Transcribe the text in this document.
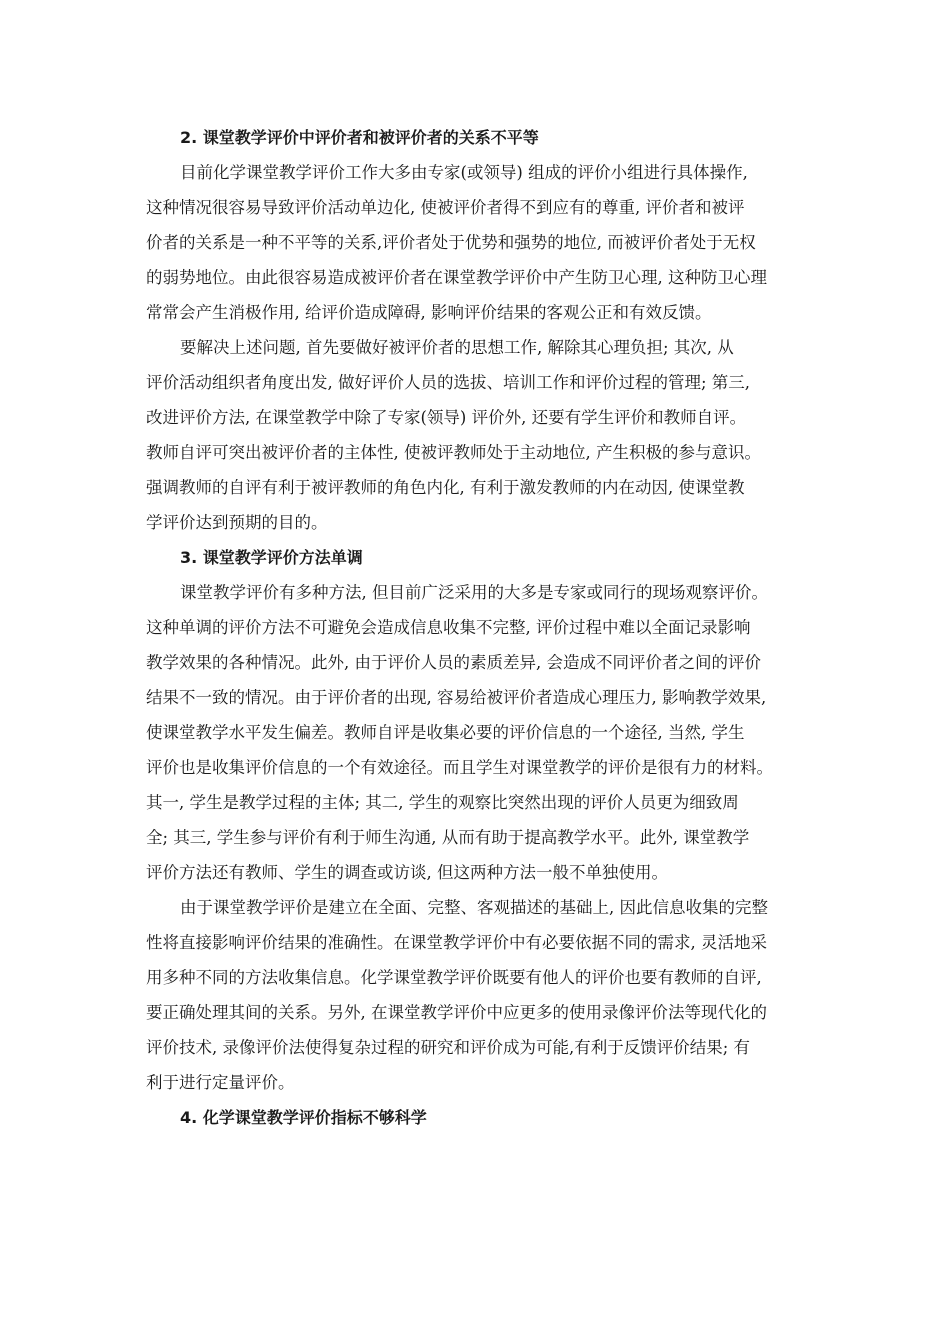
2. 课堂教学评价中评价者和被评价者的关系不平等
目前化学课堂教学评价工作大多由专家(或领导) 组成的评价小组进行具体操作,
这种情况很容易导致评价活动单边化, 使被评价者得不到应有的尊重, 评价者和被评
价者的关系是一种不平等的关系,评价者处于优势和强势的地位, 而被评价者处于无权
的弱势地位。由此很容易造成被评价者在课堂教学评价中产生防卫心理, 这种防卫心理
常常会产生消极作用, 给评价造成障碍, 影响评价结果的客观公正和有效反馈。
要解决上述问题, 首先要做好被评价者的思想工作, 解除其心理负担; 其次, 从
评价活动组织者角度出发, 做好评价人员的选拔、培训工作和评价过程的管理; 第三,
改进评价方法, 在课堂教学中除了专家(领导) 评价外, 还要有学生评价和教师自评。
教师自评可突出被评价者的主体性, 使被评教师处于主动地位, 产生积极的参与意识。
强调教师的自评有利于被评教师的角色内化, 有利于激发教师的内在动因, 使课堂教
学评价达到预期的目的。
3. 课堂教学评价方法单调
课堂教学评价有多种方法, 但目前广泛采用的大多是专家或同行的现场观察评价。
这种单调的评价方法不可避免会造成信息收集不完整, 评价过程中难以全面记录影响
教学效果的各种情况。此外, 由于评价人员的素质差异, 会造成不同评价者之间的评价
结果不一致的情况。由于评价者的出现, 容易给被评价者造成心理压力, 影响教学效果,
使课堂教学水平发生偏差。教师自评是收集必要的评价信息的一个途径, 当然, 学生
评价也是收集评价信息的一个有效途径。而且学生对课堂教学的评价是很有力的材料。
其一, 学生是教学过程的主体; 其二, 学生的观察比突然出现的评价人员更为细致周
全; 其三, 学生参与评价有利于师生沟通, 从而有助于提高教学水平。此外, 课堂教学
评价方法还有教师、学生的调查或访谈, 但这两种方法一般不单独使用。
由于课堂教学评价是建立在全面、完整、客观描述的基础上, 因此信息收集的完整
性将直接影响评价结果的准确性。在课堂教学评价中有必要依据不同的需求, 灵活地采
用多种不同的方法收集信息。化学课堂教学评价既要有他人的评价也要有教师的自评,
要正确处理其间的关系。另外, 在课堂教学评价中应更多的使用录像评价法等现代化的
评价技术, 录像评价法使得复杂过程的研究和评价成为可能,有利于反馈评价结果; 有
利于进行定量评价。
4. 化学课堂教学评价指标不够科学
